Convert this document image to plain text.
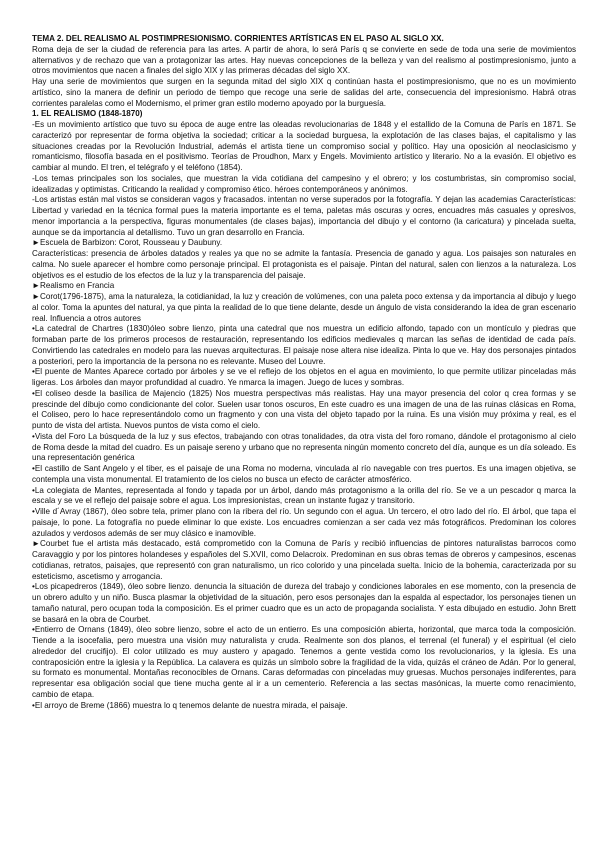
TEMA 2. DEL REALISMO AL POSTIMPRESIONISMO. CORRIENTES ARTÍSTICAS EN EL PASO AL SIGLO XX.

Roma deja de ser la ciudad de referencia para las artes. A partir de ahora, lo será París q se convierte en sede de toda una serie de movimientos alternativos y de rechazo que van a protagonizar las artes. Hay nuevas concepciones de la belleza y van del realismo al postimpresionismo, junto a otros movimientos que nacen a finales del siglo XIX y las primeras décadas del siglo XX.

Hay una serie de movimientos que surgen en la segunda mitad del siglo XIX q continúan hasta el postimpresionismo, que no es un movimiento artístico, sino la manera de definir un periodo de tiempo que recoge una serie de salidas del arte, consecuencia del impresionismo. Habrá otras corrientes paralelas como el Modernismo, el primer gran estilo moderno apoyado por la burguesía.

1. EL REALISMO (1848-1870)

-Es un movimiento artístico que tuvo su época de auge entre las oleadas revolucionarias de 1848 y el estallido de la Comuna de París en 1871. Se caracterizó por representar de forma objetiva la sociedad; criticar a la sociedad burguesa, la explotación de las clases bajas, el capitalismo y las situaciones creadas por la Revolución Industrial, además el artista tiene un compromiso social y político. Hay una oposición al neoclasicismo y romanticismo, filosofía basada en el positivismo. Teorías de Proudhon, Marx y Engels. Movimiento artístico y literario. No a la evasión. El objetivo es cambiar al mundo. El tren, el telégrafo y el teléfono (1854).

-Los temas principales son los sociales, que muestran la vida cotidiana del campesino y el obrero; y los costumbristas, sin compromiso social, idealizadas y optimistas. Criticando la realidad y compromiso ético. héroes contemporáneos y anónimos.

-Los artistas están mal vistos se consideran vagos y fracasados. intentan no verse superados por la fotografía. Y dejan las academias Características: Libertad y variedad en la técnica formal pues la materia importante es el tema, paletas más oscuras y ocres, encuadres más casuales y opresivos, menor importancia a la perspectiva, figuras monumentales (de clases bajas), importancia del dibujo y el contorno (la caricatura) y pincelada suelta, aunque se da importancia al detallismo. Tuvo un gran desarrollo en Francia.

►Escuela de Barbizon: Corot, Rousseau y Daubuny.

Características: presencia de árboles datados y reales ya que no se admite la fantasía. Presencia de ganado y agua. Los paisajes son naturales en calma. No suele aparecer el hombre como personaje principal. El protagonista es el paisaje. Pintan del natural, salen con lienzos a la naturaleza. Los objetivos es el estudio de los efectos de la luz y la transparencia del paisaje.

►Realismo en Francia

►Corot(1796-1875), ama la naturaleza, la cotidianidad, la luz y creación de volúmenes, con una paleta poco extensa y da importancia al dibujo y luego al color. Toma la apuntes del natural, ya que pinta la realidad de lo que tiene delante, desde un ángulo de vista considerando la idea de gran escenario real. Influencia a otros autores

•La catedral de Chartres (1830)óleo sobre lienzo, pinta una catedral que nos muestra un edificio alfondo, tapado con un montículo y piedras que formaban parte de los primeros procesos de restauración, representando los edificios medievales q marcan las señas de identidad de cada país. Convirtiendo las catedrales en modelo para las nuevas arquitecturas. El paisaje nose altera nise idealiza. Pinta lo que ve. Hay dos personajes pintados a posteriori, pero la importancia de la persona no es relevante. Museo del Louvre.

•El puente de Mantes Aparece cortado por árboles y se ve el reflejo de los objetos en el agua en movimiento, lo que permite utilizar pinceladas más ligeras. Los árboles dan mayor profundidad al cuadro. Ye nmarca la imagen. Juego de luces y sombras.

•El coliseo desde la basílica de Majencio (1825) Nos muestra perspectivas más realistas. Hay una mayor presencia del color q crea formas y se prescinde del dibujo como condicionante del color. Suelen usar tonos oscuros, En este cuadro es una imagen de una de las ruinas clásicas en Roma, el Coliseo, pero lo hace representándolo como un fragmento y con una vista del objeto tapado por la ruina. Es una visión muy próxima y real, es el punto de vista del artista. Nuevos puntos de vista como el cielo.

•Vista del Foro La búsqueda de la luz y sus efectos, trabajando con otras tonalidades, da otra vista del foro romano, dándole el protagonismo al cielo de Roma desde la mitad del cuadro. Es un paisaje sereno y urbano que no representa ningún momento concreto del día, aunque es un día soleado. Es una representación genérica

•El castillo de Sant Angelo y el tiber, es el paisaje de una Roma no moderna, vinculada al río navegable con tres puertos. Es una imagen objetiva, se contempla una vista monumental. El tratamiento de los cielos no busca un efecto de carácter atmosférico.

•La colegiata de Mantes, representada al fondo y tapada por un árbol, dando más protagonismo a la orilla del río. Se ve a un pescador q marca la escala y se ve el reflejo del paisaje sobre el agua. Los impresionistas, crean un instante fugaz y transitorio.

•Ville d´Avray (1867), óleo sobre tela, primer plano con la ribera del río. Un segundo con el agua. Un tercero, el otro lado del río. El árbol, que tapa el paisaje, lo pone. La fotografía no puede eliminar lo que existe. Los encuadres comienzan a ser cada vez más fotográficos. Predominan los colores azulados y verdosos además de ser muy clásico e inamovible.

►Courbet fue el artista más destacado, está comprometido con la Comuna de París y recibió influencias de pintores naturalistas barrocos como Caravaggio y por los pintores holandeses y españoles del S.XVII, como Delacroix. Predominan en sus obras temas de obreros y campesinos, escenas cotidianas, retratos, paisajes, que representó con gran naturalismo, un rico colorido y una pincelada suelta. Inicio de la bohemia, caracterizada por su esteticismo, ascetismo y arrogancia.

•Los picapedreros (1849), óleo sobre lienzo. denuncia la situación de dureza del trabajo y condiciones laborales en ese momento, con la presencia de un obrero adulto y un niño. Busca plasmar la objetividad de la situación, pero esos personajes dan la espalda al espectador, los personajes tienen un tamaño natural, pero ocupan toda la composición. Es el primer cuadro que es un acto de propaganda socialista. Y esta dibujado en estudio. John Brett se basará en la obra de Courbet.

•Entierro de Ornans (1849), óleo sobre lienzo, sobre el acto de un entierro. Es una composición abierta, horizontal, que marca toda la composición. Tiende a la isocefalia, pero muestra una visión muy naturalista y cruda. Realmente son dos planos, el terrenal (el funeral) y el espiritual (el cielo alrededor del crucifijo). El color utilizado es muy austero y apagado. Tenemos a gente vestida como los revolucionarios, y la iglesia. Es una contraposición entre la iglesia y la República. La calavera es quizás un símbolo sobre la fragilidad de la vida, quizás el cráneo de Adán. Por lo general, su formato es monumental. Montañas reconocibles de Ornans. Caras deformadas con pinceladas muy gruesas. Muchos personajes indiferentes, para representar esa obligación social que tiene mucha gente al ir a un cementerio. Referencia a las sectas masónicas, la muerte como renacimiento, cambio de etapa.

•El arroyo de Breme (1866) muestra lo q tenemos delante de nuestra mirada, el paisaje.
